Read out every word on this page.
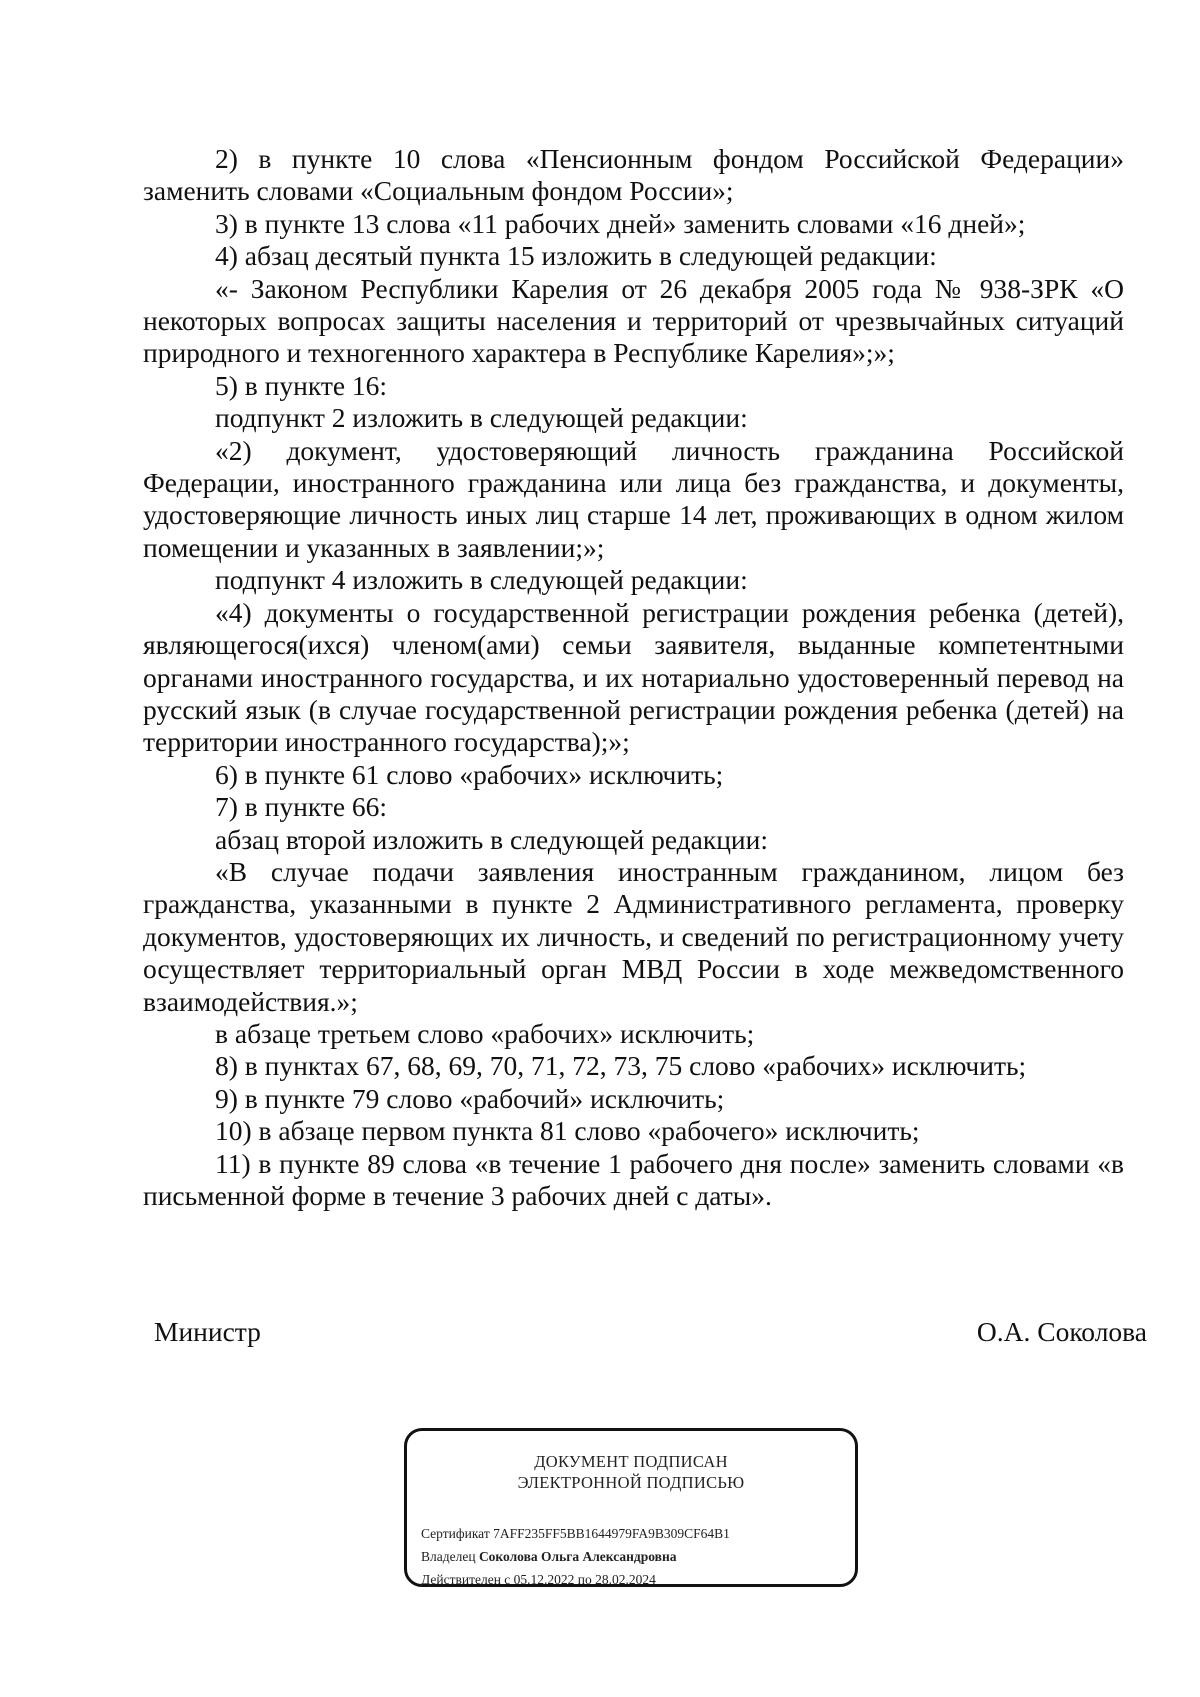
2) в пункте 10 слова «Пенсионным фондом Российской Федерации» заменить словами «Социальным фондом России»;

3) в пункте 13 слова «11 рабочих дней» заменить словами «16 дней»;

4) абзац десятый пункта 15 изложить в следующей редакции:

«- Законом Республики Карелия от 26 декабря 2005 года № 938-ЗРК «О некоторых вопросах защиты населения и территорий от чрезвычайных ситуаций природного и техногенного характера в Республике Карелия»;»;

5) в пункте 16:

подпункт 2 изложить в следующей редакции:

«2) документ, удостоверяющий личность гражданина Российской Федерации, иностранного гражданина или лица без гражданства, и документы, удостоверяющие личность иных лиц старше 14 лет, проживающих в одном жилом помещении и указанных в заявлении;»;

подпункт 4 изложить в следующей редакции:

«4) документы о государственной регистрации рождения ребенка (детей), являющегося(ихся) членом(ами) семьи заявителя, выданные компетентными органами иностранного государства, и их нотариально удостоверенный перевод на русский язык (в случае государственной регистрации рождения ребенка (детей) на территории иностранного государства);»;

6) в пункте 61 слово «рабочих» исключить;

7) в пункте 66:

абзац второй изложить в следующей редакции:

«В случае подачи заявления иностранным гражданином, лицом без гражданства, указанными в пункте 2 Административного регламента, проверку документов, удостоверяющих их личность, и сведений по регистрационному учету осуществляет территориальный орган МВД России в ходе межведомственного взаимодействия.»;

в абзаце третьем слово «рабочих» исключить;

8) в пунктах 67, 68, 69, 70, 71, 72, 73, 75 слово «рабочих» исключить;

9) в пункте 79 слово «рабочий» исключить;

10) в абзаце первом пункта 81 слово «рабочего» исключить;

11) в пункте 89 слова «в течение 1 рабочего дня после» заменить словами «в письменной форме в течение 3 рабочих дней с даты».

Министр	О.А. Соколова
ДОКУМЕНТ ПОДПИСАН
ЭЛЕКТРОННОЙ ПОДПИСЬЮ
Сертификат 7AFF235FF5BB1644979FA9B309CF64B1
Владелец Соколова Ольга Александровна
Действителен с 05.12.2022 по 28.02.2024
